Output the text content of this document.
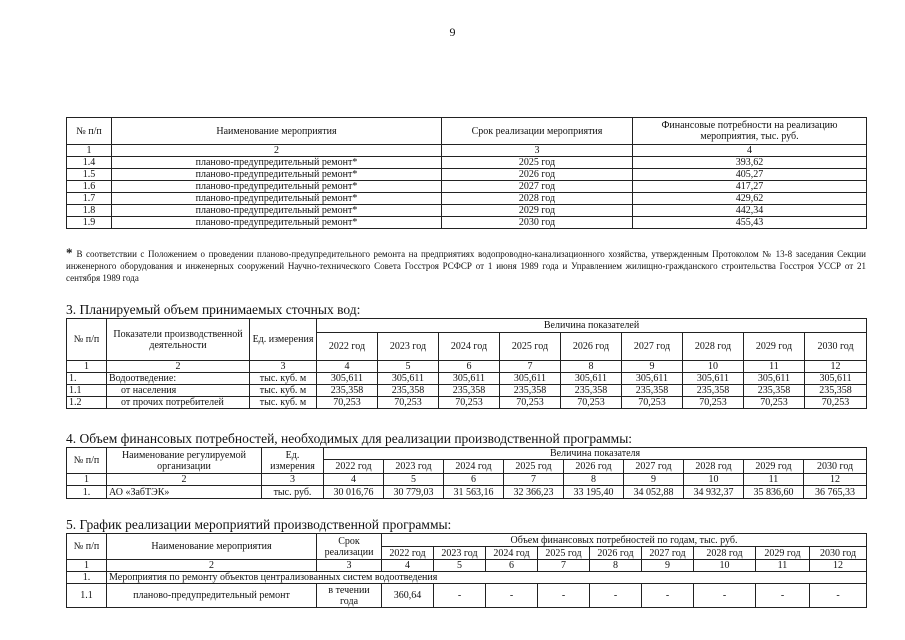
9
№ п/п	Наименование мероприятия	Срок реализации мероприятия	Финансовые потребности на реализацию мероприятия, тыс. руб.
1	2	3	4
1.4	планово-предупредительный ремонт*	2025 год	393,62
1.5	планово-предупредительный ремонт*	2026 год	405,27
1.6	планово-предупредительный ремонт*	2027 год	417,27
1.7	планово-предупредительный ремонт*	2028 год	429,62
1.8	планово-предупредительный ремонт*	2029 год	442,34
1.9	планово-предупредительный ремонт*	2030 год	455,43
* В соответствии с Положением о проведении планово-предупредительного ремонта на предприятиях водопроводно-канализационного хозяйства, утвержденным Протоколом № 13-8 заседания Секции инженерного оборудования и инженерных сооружений Научно-технического Совета Госстроя РСФСР от 1 июня 1989 года и Управлением жилищно-гражданского строительства Госстроя УССР от 21 сентября 1989 года
3. Планируемый объем принимаемых сточных вод:
№ п/п	Показатели производственной деятельности	Ед. измерения	Величина показателей								
			2022 год	2023 год	2024 год	2025 год	2026 год	2027 год	2028 год	2029 год	2030 год
1	2	3	4	5	6	7	8	9	10	11	12
1.	Водоотведение:	тыс. куб. м	305,611	305,611	305,611	305,611	305,611	305,611	305,611	305,611	305,611
1.1	от населения	тыс. куб. м	235,358	235,358	235,358	235,358	235,358	235,358	235,358	235,358	235,358
1.2	от прочих потребителей	тыс. куб. м	70,253	70,253	70,253	70,253	70,253	70,253	70,253	70,253	70,253
4. Объем финансовых потребностей, необходимых для реализации производственной программы:
№ п/п	Наименование регулируемой организации	Ед. измерения	Величина показателя								
			2022 год	2023 год	2024 год	2025 год	2026 год	2027 год	2028 год	2029 год	2030 год
1	2	3	4	5	6	7	8	9	10	11	12
1.	АО «ЗабТЭК»	тыс. руб.	30 016,76	30 779,03	31 563,16	32 366,23	33 195,40	34 052,88	34 932,37	35 836,60	36 765,33
5. График реализации мероприятий производственной программы:
№ п/п	Наименование мероприятия	Срок реализации	Объем финансовых потребностей по годам, тыс. руб.								
			2022 год	2023 год	2024 год	2025 год	2026 год	2027 год	2028 год	2029 год	2030 год
1	2	3	4	5	6	7	8	9	10	11	12
1.	Мероприятия по ремонту объектов централизованных систем водоотведения										
1.1	планово-предупредительный ремонт	в течении года	360,64	-	-	-	-	-	-	-	-
